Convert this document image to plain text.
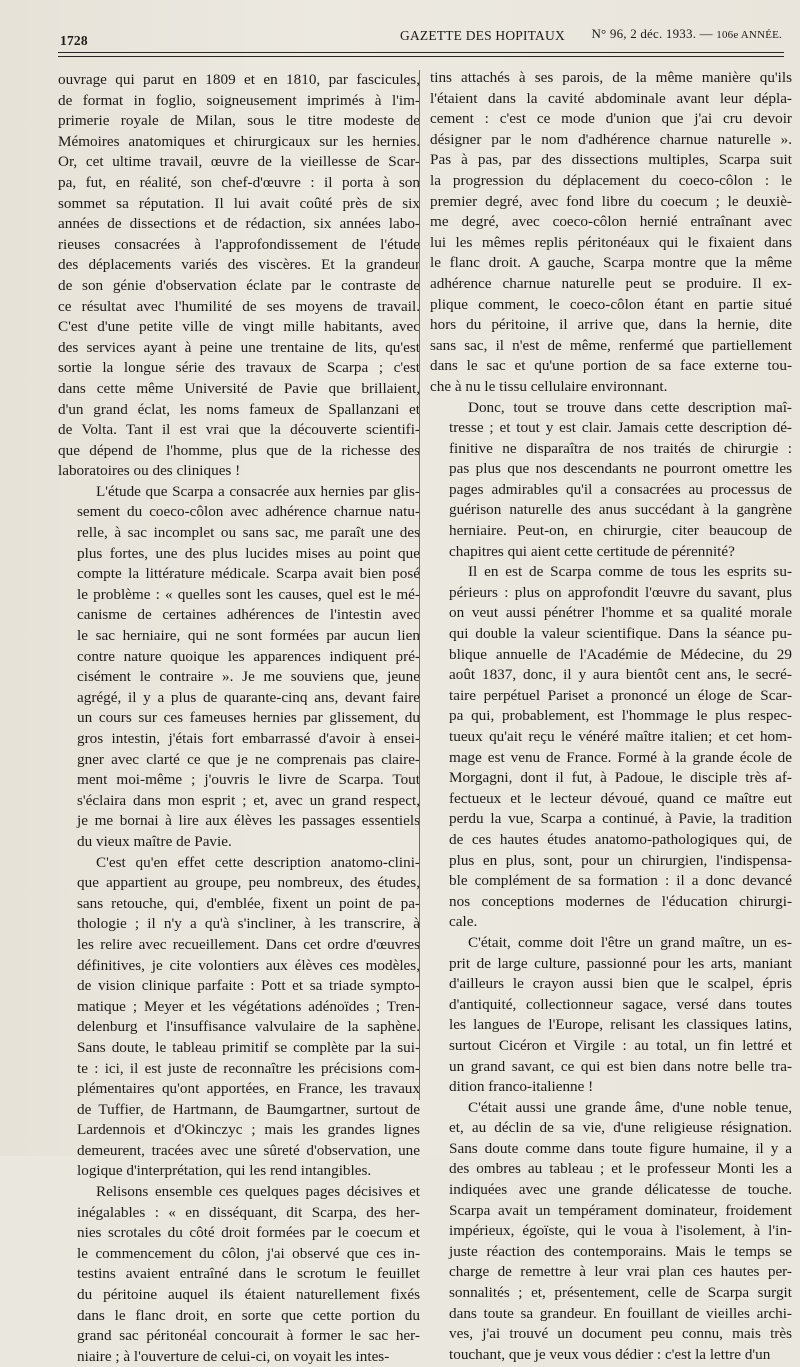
1728	GAZETTE DES HOPITAUX N° 96, 2 déc. 1933. — 106e ANNÉE.

ouvrage qui parut en 1809 et en 1810, par fascicules,
de format in foglio, soigneusement imprimés à l'im-
primerie royale de Milan, sous le titre modeste de
Mémoires anatomiques et chirurgicaux sur les hernies.
Or, cet ultime travail, œuvre de la vieillesse de Scar-
pa, fut, en réalité, son chef-d'œuvre : il porta à son
sommet sa réputation. Il lui avait coûté près de six
années de dissections et de rédaction, six années labo-
rieuses consacrées à l'approfondissement de l'étude
des déplacements variés des viscères. Et la grandeur
de son génie d'observation éclate par le contraste de
ce résultat avec l'humilité de ses moyens de travail.
C'est d'une petite ville de vingt mille habitants, avec
des services ayant à peine une trentaine de lits, qu'est
sortie la longue série des travaux de Scarpa ; c'est
dans cette même Université de Pavie que brillaient,
d'un grand éclat, les noms fameux de Spallanzani et
de Volta. Tant il est vrai que la découverte scientifi-
que dépend de l'homme, plus que de la richesse des
laboratoires ou des cliniques !

L'étude que Scarpa a consacrée aux hernies par glis-
sement du coeco-côlon avec adhérence charnue natu-
relle, à sac incomplet ou sans sac, me paraît une des
plus fortes, une des plus lucides mises au point que
compte la littérature médicale. Scarpa avait bien posé
le problème : « quelles sont les causes, quel est le mé-
canisme de certaines adhérences de l'intestin avec
le sac herniaire, qui ne sont formées par aucun lien
contre nature quoique les apparences indiquent pré-
cisément le contraire ». Je me souviens que, jeune
agrégé, il y a plus de quarante-cinq ans, devant faire
un cours sur ces fameuses hernies par glissement, du
gros intestin, j'étais fort embarrassé d'avoir à ensei-
gner avec clarté ce que je ne comprenais pas claire-
ment moi-même ; j'ouvris le livre de Scarpa. Tout
s'éclaira dans mon esprit ; et, avec un grand respect,
je me bornai à lire aux élèves les passages essentiels
du vieux maître de Pavie.

C'est qu'en effet cette description anatomo-clini-
que appartient au groupe, peu nombreux, des études,
sans retouche, qui, d'emblée, fixent un point de pa-
thologie ; il n'y a qu'à s'incliner, à les transcrire, à
les relire avec recueillement. Dans cet ordre d'œuvres
définitives, je cite volontiers aux élèves ces modèles,
de vision clinique parfaite : Pott et sa triade sympto-
matique ; Meyer et les végétations adénoïdes ; Tren-
delenburg et l'insuffisance valvulaire de la saphène.
Sans doute, le tableau primitif se complète par la sui-
te : ici, il est juste de reconnaître les précisions com-
plémentaires qu'ont apportées, en France, les travaux
de Tuffier, de Hartmann, de Baumgartner, surtout de
Lardennois et d'Okinczyc ; mais les grandes lignes
demeurent, tracées avec une sûreté d'observation, une
logique d'interprétation, qui les rend intangibles.

Relisons ensemble ces quelques pages décisives et
inégalables : « en disséquant, dit Scarpa, des her-
nies scrotales du côté droit formées par le coecum et
le commencement du côlon, j'ai observé que ces in-
testins avaient entraîné dans le scrotum le feuillet
du péritoine auquel ils étaient naturellement fixés
dans le flanc droit, en sorte que cette portion du
grand sac péritonéal concourait à former le sac her-
niaire ; à l'ouverture de celui-ci, on voyait les intes-

tins attachés à ses parois, de la même manière qu'ils
l'étaient dans la cavité abdominale avant leur dépla-
cement : c'est ce mode d'union que j'ai cru devoir
désigner par le nom d'adhérence charnue naturelle ».
Pas à pas, par des dissections multiples, Scarpa suit
la progression du déplacement du coeco-côlon : le
premier degré, avec fond libre du coecum ; le deuxiè-
me degré, avec coeco-côlon hernié entraînant avec
lui les mêmes replis péritonéaux qui le fixaient dans
le flanc droit. A gauche, Scarpa montre que la même
adhérence charnue naturelle peut se produire. Il ex-
plique comment, le coeco-côlon étant en partie situé
hors du péritoine, il arrive que, dans la hernie, dite
sans sac, il n'est de même, renfermé que partiellement
dans le sac et qu'une portion de sa face externe tou-
che à nu le tissu cellulaire environnant.

Donc, tout se trouve dans cette description maî-
tresse ; et tout y est clair. Jamais cette description dé-
finitive ne disparaîtra de nos traités de chirurgie :
pas plus que nos descendants ne pourront omettre les
pages admirables qu'il a consacrées au processus de
guérison naturelle des anus succédant à la gangrène
herniaire. Peut-on, en chirurgie, citer beaucoup de
chapitres qui aient cette certitude de pérennité?

Il en est de Scarpa comme de tous les esprits su-
périeurs : plus on approfondit l'œuvre du savant, plus
on veut aussi pénétrer l'homme et sa qualité morale
qui double la valeur scientifique. Dans la séance pu-
blique annuelle de l'Académie de Médecine, du 29
août 1837, donc, il y aura bientôt cent ans, le secré-
taire perpétuel Pariset a prononcé un éloge de Scar-
pa qui, probablement, est l'hommage le plus respec-
tueux qu'ait reçu le vénéré maître italien; et cet hom-
mage est venu de France. Formé à la grande école de
Morgagni, dont il fut, à Padoue, le disciple très af-
fectueux et le lecteur dévoué, quand ce maître eut
perdu la vue, Scarpa a continué, à Pavie, la tradition
de ces hautes études anatomo-pathologiques qui, de
plus en plus, sont, pour un chirurgien, l'indispensa-
ble complément de sa formation : il a donc devancé
nos conceptions modernes de l'éducation chirurgi-
cale.

C'était, comme doit l'être un grand maître, un es-
prit de large culture, passionné pour les arts, maniant
d'ailleurs le crayon aussi bien que le scalpel, épris
d'antiquité, collectionneur sagace, versé dans toutes
les langues de l'Europe, relisant les classiques latins,
surtout Cicéron et Virgile : au total, un fin lettré et
un grand savant, ce qui est bien dans notre belle tra-
dition franco-italienne !

C'était aussi une grande âme, d'une noble tenue,
et, au déclin de sa vie, d'une religieuse résignation.
Sans doute comme dans toute figure humaine, il y a
des ombres au tableau ; et le professeur Monti les a
indiquées avec une grande délicatesse de touche.
Scarpa avait un tempérament dominateur, froidement
impérieux, égoïste, qui le voua à l'isolement, à l'in-
juste réaction des contemporains. Mais le temps se
charge de remettre à leur vrai plan ces hautes per-
sonnalités ; et, présentement, celle de Scarpa surgit
dans toute sa grandeur. En fouillant de vieilles archi-
ves, j'ai trouvé un document peu connu, mais très
touchant, que je veux vous dédier : c'est la lettre d'un
